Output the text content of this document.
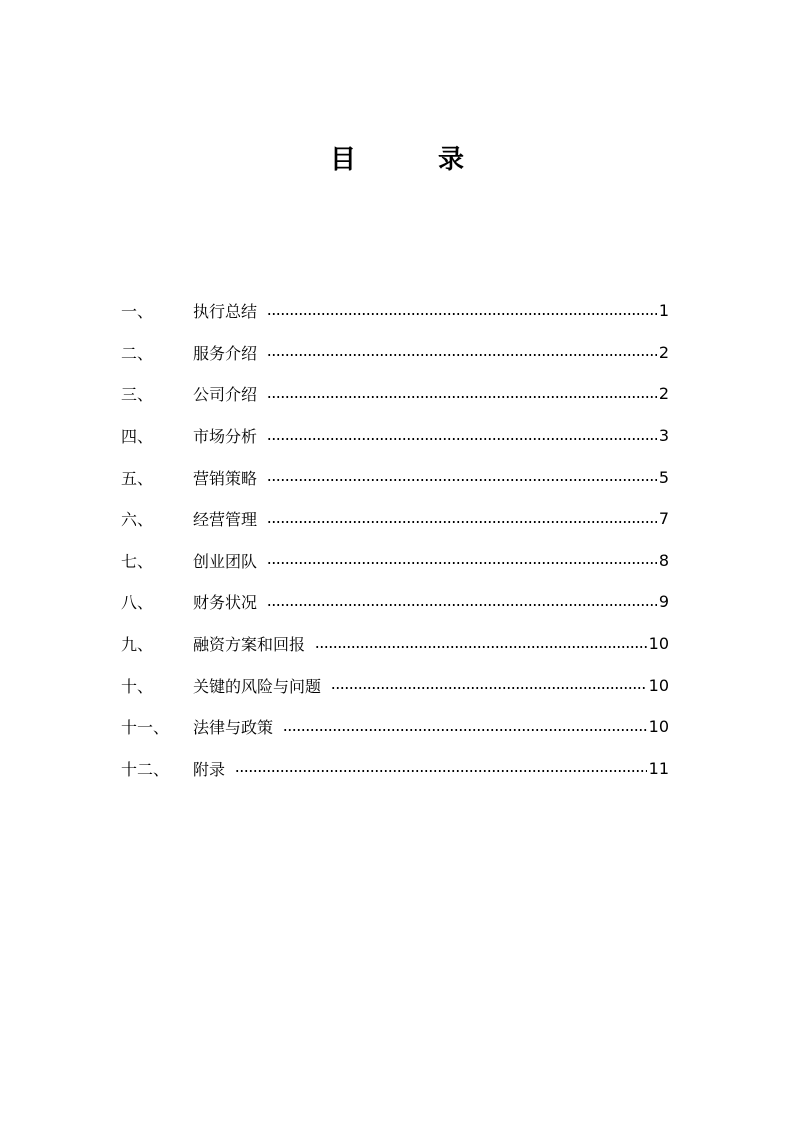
目　录
一、	执行总结	1
二、	服务介绍	2
三、	公司介绍	2
四、	市场分析	3
五、	营销策略	5
六、	经营管理	7
七、	创业团队	8
八、	财务状况	9
九、	融资方案和回报	10
十、	关键的风险与问题	10
十一、	法律与政策	10
十二、	附录	11
